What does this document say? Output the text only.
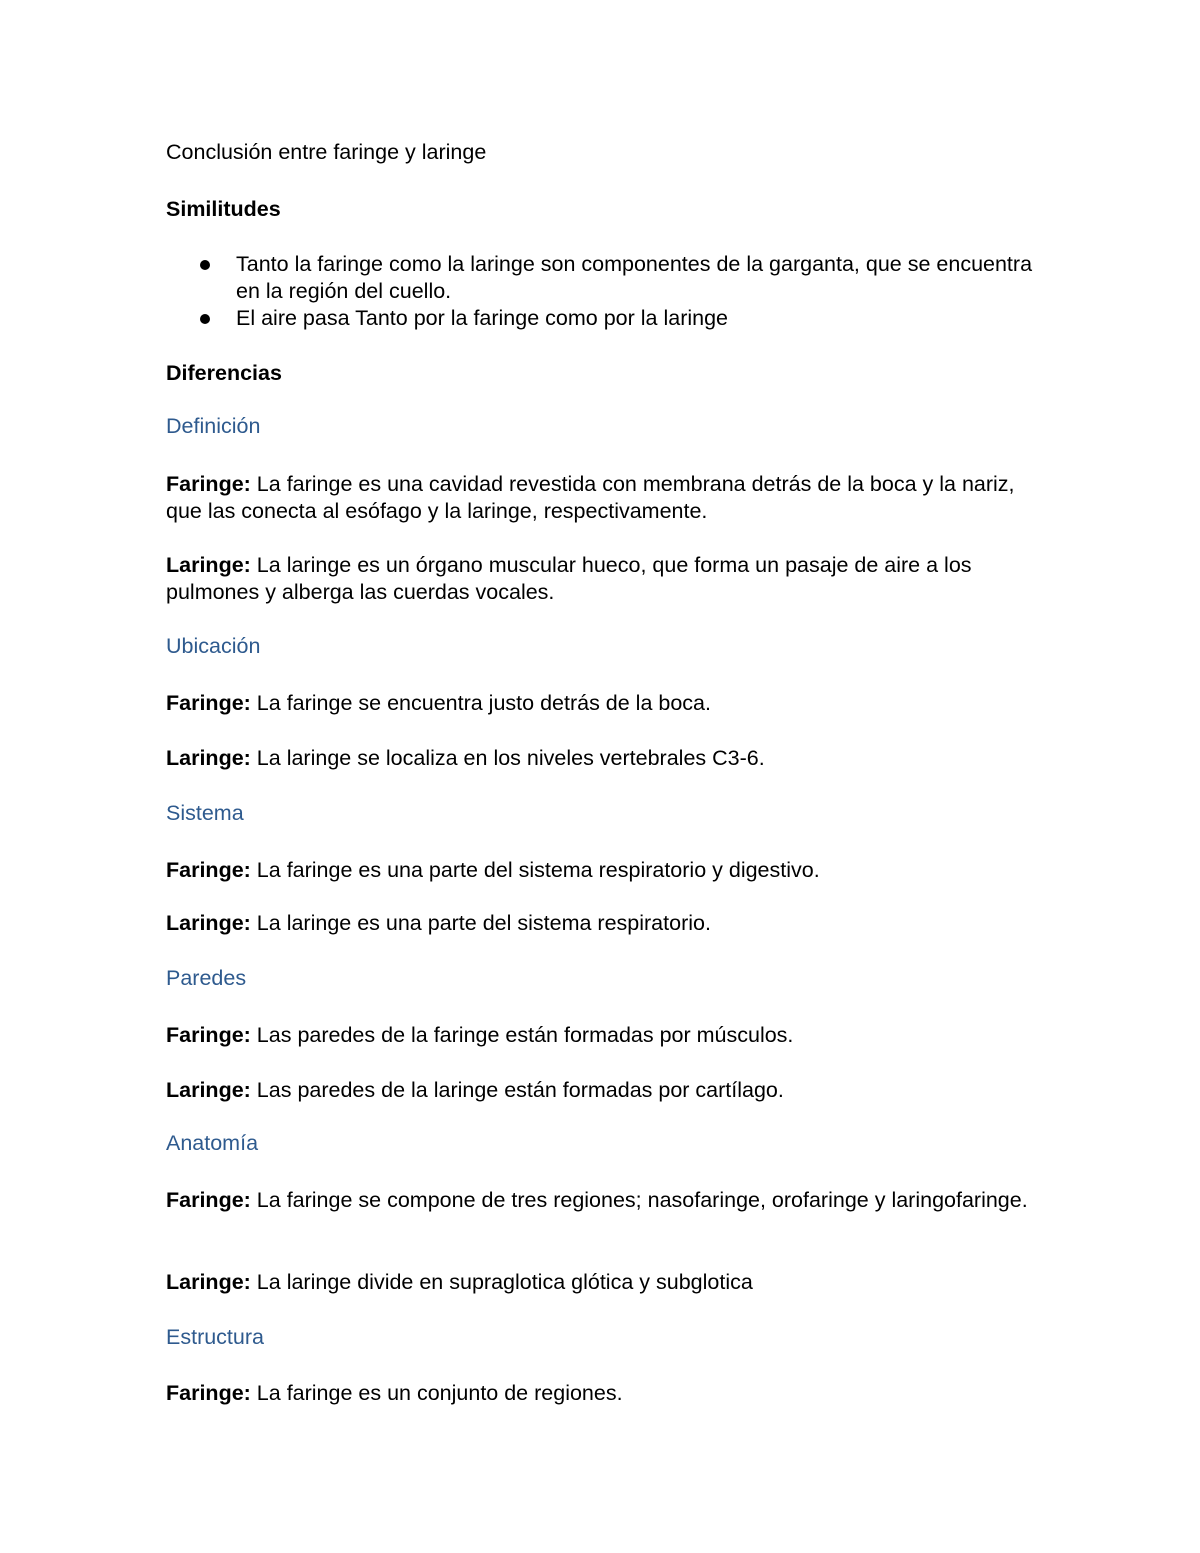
Conclusión entre faringe y laringe
Similitudes
Tanto la faringe como la laringe son componentes de la garganta, que se encuentra en la región del cuello.
El aire pasa Tanto por la faringe como por la laringe
Diferencias
Definición
Faringe: La faringe es una cavidad revestida con membrana detrás de la boca y la nariz, que las conecta al esófago y la laringe, respectivamente.
Laringe: La laringe es un órgano muscular hueco, que forma un pasaje de aire a los pulmones y alberga las cuerdas vocales.
Ubicación
Faringe: La faringe se encuentra justo detrás de la boca.
Laringe: La laringe se localiza en los niveles vertebrales C3-6.
Sistema
Faringe: La faringe es una parte del sistema respiratorio y digestivo.
Laringe: La laringe es una parte del sistema respiratorio.
Paredes
Faringe: Las paredes de la faringe están formadas por músculos.
Laringe: Las paredes de la laringe están formadas por cartílago.
Anatomía
Faringe: La faringe se compone de tres regiones; nasofaringe, orofaringe y laringofaringe.
Laringe: La laringe divide en supraglotica glótica y subglotica
Estructura
Faringe: La faringe es un conjunto de regiones.
